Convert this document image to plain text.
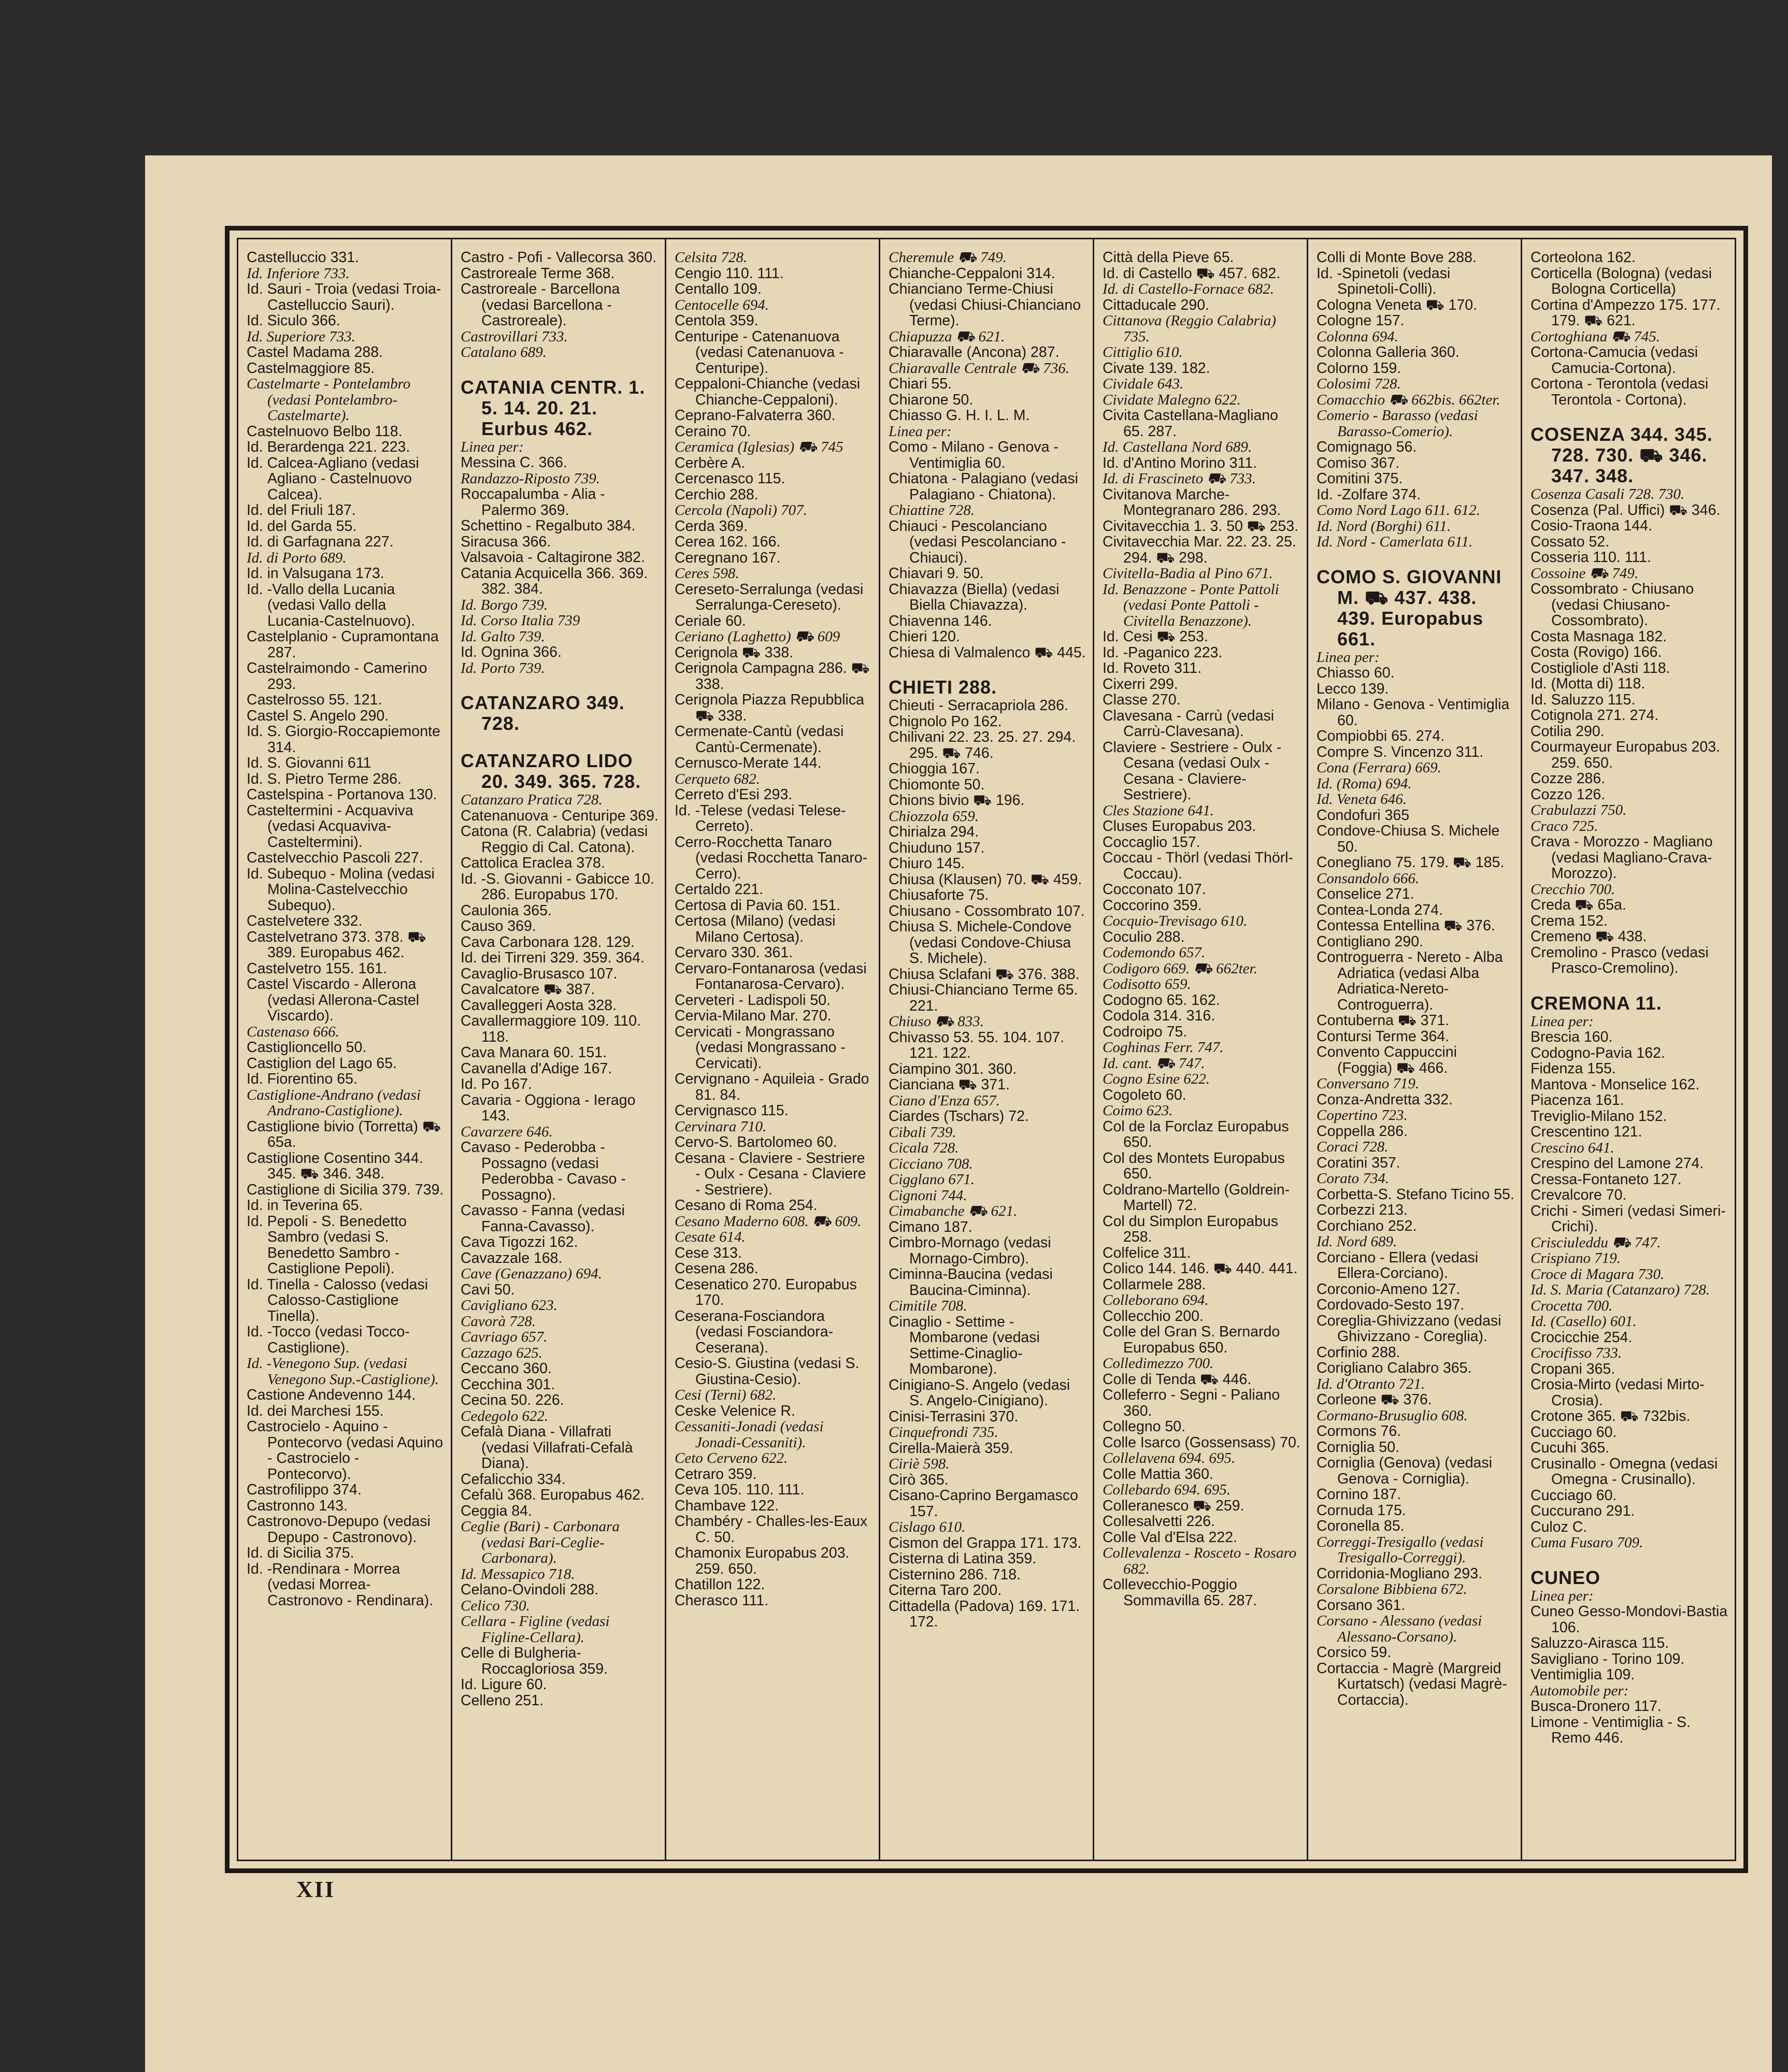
Castelluccio 331.
Id. Inferiore 733.
Id. Sauri - Troia (vedasi Troia-Castelluccio Sauri).
Id. Siculo 366.
Id. Superiore 733.
Castel Madama 288.
Castelmaggiore 85.
Castelmarte - Pontelambro (vedasi Pontelambro-Castelmarte).
Castelnuovo Belbo 118.
Id. Berardenga 221. 223.
Id. Calcea-Agliano (vedasi Agliano - Castelnuovo Calcea).
Id. del Friuli 187.
Id. del Garda 55.
Id. di Garfagnana 227.
Id. di Porto 689.
Id. in Valsugana 173.
Id. -Vallo della Lucania (vedasi Vallo della Lucania-Castelnuovo).
Castelplanio - Cupramontana 287.
Castelraimondo - Camerino 293.
Castelrosso 55. 121.
Castel S. Angelo 290.
Id. S. Giorgio-Roccapiemonte 314.
Id. S. Giovanni 611
Id. S. Pietro Terme 286.
Castelspina - Portanova 130.
Casteltermini - Acquaviva (vedasi Acquaviva-Casteltermini).
Castelvecchio Pascoli 227.
Id. Subequo - Molina (vedasi Molina-Castelvecchio Subequo).
Castelvetere 332.
Castelvetrano 373. 378. ⛟ 389. Europabus 462.
Castelvetro 155. 161.
Castel Viscardo - Allerona (vedasi Allerona-Castel Viscardo).
Castenaso 666.
Castiglioncello 50.
Castiglion del Lago 65.
Id. Fiorentino 65.
Castiglione-Andrano (vedasi Andrano-Castiglione).
Castiglione bivio (Torretta) ⛟ 65a.
Castiglione Cosentino 344. 345. ⛟ 346. 348.
Castiglione di Sicilia 379. 739.
Id. in Teverina 65.
Id. Pepoli - S. Benedetto Sambro (vedasi S. Benedetto Sambro - Castiglione Pepoli).
Id. Tinella - Calosso (vedasi Calosso-Castiglione Tinella).
Id. -Tocco (vedasi Tocco-Castiglione).
Id. -Venegono Sup. (vedasi Venegono Sup.-Castiglione).
Castione Andevenno 144.
Id. dei Marchesi 155.
Castrocielo - Aquino - Pontecorvo (vedasi Aquino - Castrocielo - Pontecorvo).
Castrofilippo 374.
Castronno 143.
Castronovo-Depupo (vedasi Depupo - Castronovo).
Id. di Sicilia 375.
Id. -Rendinara - Morrea (vedasi Morrea-Castronovo - Rendinara).
Castro - Pofi - Vallecorsa 360.
Castroreale Terme 368.
Castroreale - Barcellona (vedasi Barcellona - Castroreale).
Castrovillari 733.
Catalano 689.
CATANIA CENTR. 1. 5. 14. 20. 21. Eurbus 462.
Linea per:
Messina C. 366.
Randazzo-Riposto 739.
Roccapalumba - Alia - Palermo 369.
Schettino - Regalbuto 384.
Siracusa 366.
Valsavoia - Caltagirone 382.
Catania Acquicella 366. 369. 382. 384.
Id. Borgo 739.
Id. Corso Italia 739
Id. Galto 739.
Id. Ognina 366.
Id. Porto 739.
CATANZARO 349. 728.
CATANZARO LIDO 20. 349. 365. 728.
Catanzaro Pratica 728.
Catenanuova - Centuripe 369.
Catona (R. Calabria) (vedasi Reggio di Cal. Catona).
Cattolica Eraclea 378.
Id. -S. Giovanni - Gabicce 10. 286. Europabus 170.
Caulonia 365.
Causo 369.
Cava Carbonara 128. 129.
Id. dei Tirreni 329. 359. 364.
Cavaglio-Brusasco 107.
Cavalcatore ⛟ 387.
Cavalleggeri Aosta 328.
Cavallermaggiore 109. 110. 118.
Cava Manara 60. 151.
Cavanella d'Adige 167.
Id. Po 167.
Cavaria - Oggiona - Ierago 143.
Cavarzere 646.
Cavaso - Pederobba - Possagno (vedasi Pederobba - Cavaso - Possagno).
Cavasso - Fanna (vedasi Fanna-Cavasso).
Cava Tigozzi 162.
Cavazzale 168.
Cave (Genazzano) 694.
Cavi 50.
Cavigliano 623.
Cavorà 728.
Cavriago 657.
Cazzago 625.
Ceccano 360.
Cecchina 301.
Cecina 50. 226.
Cedegolo 622.
Cefalà Diana - Villafrati (vedasi Villafrati-Cefalà Diana).
Cefalicchio 334.
Cefalù 368. Europabus 462.
Ceggia 84.
Ceglie (Bari) - Carbonara (vedasi Bari-Ceglie-Carbonara).
Id. Messapico 718.
Celano-Ovindoli 288.
Celico 730.
Cellara - Figline (vedasi Figline-Cellara).
Celle di Bulgheria-Roccagloriosa 359.
Id. Ligure 60.
Celleno 251.
Celsita 728.
Cengio 110. 111.
Centallo 109.
Centocelle 694.
Centola 359.
Centuripe - Catenanuova (vedasi Catenanuova - Centuripe).
Ceppaloni-Chianche (vedasi Chianche-Ceppaloni).
Ceprano-Falvaterra 360.
Ceraino 70.
Ceramica (Iglesias) ⛟ 745
Cerbère A.
Cercenasco 115.
Cerchio 288.
Cercola (Napoli) 707.
Cerda 369.
Cerea 162. 166.
Ceregnano 167.
Ceres 598.
Cereseto-Serralunga (vedasi Serralunga-Cereseto).
Ceriale 60.
Ceriano (Laghetto) ⛟ 609
Cerignola ⛟ 338.
Cerignola Campagna 286. ⛟ 338.
Cerignola Piazza Repubblica ⛟ 338.
Cermenate-Cantù (vedasi Cantù-Cermenate).
Cernusco-Merate 144.
Cerqueto 682.
Cerreto d'Esi 293.
Id. -Telese (vedasi Telese-Cerreto).
Cerro-Rocchetta Tanaro (vedasi Rocchetta Tanaro-Cerro).
Certaldo 221.
Certosa di Pavia 60. 151.
Certosa (Milano) (vedasi Milano Certosa).
Cervaro 330. 361.
Cervaro-Fontanarosa (vedasi Fontanarosa-Cervaro).
Cerveteri - Ladispoli 50.
Cervia-Milano Mar. 270.
Cervicati - Mongrassano (vedasi Mongrassano - Cervicati).
Cervignano - Aquileia - Grado 81. 84.
Cervignasco 115.
Cervinara 710.
Cervo-S. Bartolomeo 60.
Cesana - Claviere - Sestriere - Oulx - Cesana - Claviere - Sestriere).
Cesano di Roma 254.
Cesano Maderno 608. ⛟ 609.
Cesate 614.
Cese 313.
Cesena 286.
Cesenatico 270. Europabus 170.
Ceserana-Fosciandora (vedasi Fosciandora-Ceserana).
Cesio-S. Giustina (vedasi S. Giustina-Cesio).
Cesi (Terni) 682.
Ceske Velenice R.
Cessaniti-Jonadi (vedasi Jonadi-Cessaniti).
Ceto Cerveno 622.
Cetraro 359.
Ceva 105. 110. 111.
Chambave 122.
Chambéry - Challes-les-Eaux C. 50.
Chamonix Europabus 203. 259. 650.
Chatillon 122.
Cherasco 111.
Cheremule ⛟ 749.
Chianche-Ceppaloni 314.
Chianciano Terme-Chiusi (vedasi Chiusi-Chianciano Terme).
Chiapuzza ⛟ 621.
Chiaravalle (Ancona) 287.
Chiaravalle Centrale ⛟ 736.
Chiari 55.
Chiarone 50.
Chiasso G. H. I. L. M.
Linea per:
Como - Milano - Genova - Ventimiglia 60.
Chiatona - Palagiano (vedasi Palagiano - Chiatona).
Chiattine 728.
Chiauci - Pescolanciano (vedasi Pescolanciano - Chiauci).
Chiavari 9. 50.
Chiavazza (Biella) (vedasi Biella Chiavazza).
Chiavenna 146.
Chieri 120.
Chiesa di Valmalenco ⛟ 445.
CHIETI 288.
Chieuti - Serracapriola 286.
Chignolo Po 162.
Chilivani 22. 23. 25. 27. 294. 295. ⛟ 746.
Chioggia 167.
Chiomonte 50.
Chions bivio ⛟ 196.
Chiozzola 659.
Chirialza 294.
Chiuduno 157.
Chiuro 145.
Chiusa (Klausen) 70. ⛟ 459.
Chiusaforte 75.
Chiusano - Cossombrato 107.
Chiusa S. Michele-Condove (vedasi Condove-Chiusa S. Michele).
Chiusa Sclafani ⛟ 376. 388.
Chiusi-Chianciano Terme 65. 221.
Chiuso ⛟ 833.
Chivasso 53. 55. 104. 107. 121. 122.
Ciampino 301. 360.
Cianciana ⛟ 371.
Ciano d'Enza 657.
Ciardes (Tschars) 72.
Cibali 739.
Cicala 728.
Cicciano 708.
Cigglano 671.
Cignoni 744.
Cimabanche ⛟ 621.
Cimano 187.
Cimbro-Mornago (vedasi Mornago-Cimbro).
Ciminna-Baucina (vedasi Baucina-Ciminna).
Cimitile 708.
Cinaglio - Settime - Mombarone (vedasi Settime-Cinaglio-Mombarone).
Cinigiano-S. Angelo (vedasi S. Angelo-Cinigiano).
Cinisi-Terrasini 370.
Cinquefrondi 735.
Cirella-Maierà 359.
Ciriè 598.
Cirò 365.
Cisano-Caprino Bergamasco 157.
Cislago 610.
Cismon del Grappa 171. 173.
Cisterna di Latina 359.
Cisternino 286. 718.
Citerna Taro 200.
Cittadella (Padova) 169. 171. 172.
Città della Pieve 65.
Id. di Castello ⛟ 457. 682.
Id. di Castello-Fornace 682.
Cittaducale 290.
Cittanova (Reggio Calabria) 735.
Cittiglio 610.
Civate 139. 182.
Cividale 643.
Cividate Malegno 622.
Civita Castellana-Magliano 65. 287.
Id. Castellana Nord 689.
Id. d'Antino Morino 311.
Id. di Frascineto ⛟ 733.
Civitanova Marche-Montegranaro 286. 293.
Civitavecchia 1. 3. 50 ⛟ 253.
Civitavecchia Mar. 22. 23. 25. 294. ⛟ 298.
Civitella-Badia al Pino 671.
Id. Benazzone - Ponte Pattoli (vedasi Ponte Pattoli - Civitella Benazzone).
Id. Cesi ⛟ 253.
Id. -Paganico 223.
Id. Roveto 311.
Cixerri 299.
Classe 270.
Clavesana - Carrù (vedasi Carrù-Clavesana).
Claviere - Sestriere - Oulx - Cesana (vedasi Oulx - Cesana - Claviere-Sestriere).
Cles Stazione 641.
Cluses Europabus 203.
Coccaglio 157.
Coccau - Thörl (vedasi Thörl-Coccau).
Cocconato 107.
Coccorino 359.
Cocquio-Trevisago 610.
Coculio 288.
Codemondo 657.
Codigoro 669. ⛟ 662ter.
Codisotto 659.
Codogno 65. 162.
Codola 314. 316.
Codroipo 75.
Coghinas Ferr. 747.
Id. cant. ⛟ 747.
Cogno Esine 622.
Cogoleto 60.
Coimo 623.
Col de la Forclaz Europabus 650.
Col des Montets Europabus 650.
Coldrano-Martello (Goldrein-Martell) 72.
Col du Simplon Europabus 258.
Colfelice 311.
Colico 144. 146. ⛟ 440. 441.
Collarmele 288.
Colleborano 694.
Collecchio 200.
Colle del Gran S. Bernardo Europabus 650.
Colledimezzo 700.
Colle di Tenda ⛟ 446.
Colleferro - Segni - Paliano 360.
Collegno 50.
Colle Isarco (Gossensass) 70.
Collelavena 694. 695.
Colle Mattia 360.
Collebardo 694. 695.
Colleranesco ⛟ 259.
Collesalvetti 226.
Colle Val d'Elsa 222.
Collevalenza - Rosceto - Rosaro 682.
Collevecchio-Poggio Sommavilla 65. 287.
Colli di Monte Bove 288.
Id. -Spinetoli (vedasi Spinetoli-Colli).
Cologna Veneta ⛟ 170.
Cologne 157.
Colonna 694.
Colonna Galleria 360.
Colorno 159.
Colosimi 728.
Comacchio ⛟ 662bis. 662ter.
Comerio - Barasso (vedasi Barasso-Comerio).
Comignago 56.
Comiso 367.
Comitini 375.
Id. -Zolfare 374.
Como Nord Lago 611. 612.
Id. Nord (Borghi) 611.
Id. Nord - Camerlata 611.
COMO S. GIOVANNI M. ⛟ 437. 438. 439. Europabus 661.
Linea per:
Chiasso 60.
Lecco 139.
Milano - Genova - Ventimiglia 60.
Compiobbi 65. 274.
Compre S. Vincenzo 311.
Cona (Ferrara) 669.
Id. (Roma) 694.
Id. Veneta 646.
Condofuri 365
Condove-Chiusa S. Michele 50.
Conegliano 75. 179. ⛟ 185.
Consandolo 666.
Conselice 271.
Contea-Londa 274.
Contessa Entellina ⛟ 376.
Contigliano 290.
Controguerra - Nereto - Alba Adriatica (vedasi Alba Adriatica-Nereto-Controguerra).
Contuberna ⛟ 371.
Contursi Terme 364.
Convento Cappuccini (Foggia) ⛟ 466.
Conversano 719.
Conza-Andretta 332.
Copertino 723.
Coppella 286.
Coraci 728.
Coratini 357.
Corato 734.
Corbetta-S. Stefano Ticino 55.
Corbezzi 213.
Corchiano 252.
Id. Nord 689.
Corciano - Ellera (vedasi Ellera-Corciano).
Corconio-Ameno 127.
Cordovado-Sesto 197.
Coreglia-Ghivizzano (vedasi Ghivizzano - Coreglia).
Corfinio 288.
Corigliano Calabro 365.
Id. d'Otranto 721.
Corleone ⛟ 376.
Cormano-Brusuglio 608.
Cormons 76.
Corniglia 50.
Corniglia (Genova) (vedasi Genova - Corniglia).
Cornino 187.
Cornuda 175.
Coronella 85.
Correggi-Tresigallo (vedasi Tresigallo-Correggi).
Corridonia-Mogliano 293.
Corsalone Bibbiena 672.
Corsano 361.
Corsano - Alessano (vedasi Alessano-Corsano).
Corsico 59.
Cortaccia - Magrè (Margreid Kurtatsch) (vedasi Magrè-Cortaccia).
Corteolona 162.
Corticella (Bologna) (vedasi Bologna Corticella)
Cortina d'Ampezzo 175. 177. 179. ⛟ 621.
Cortoghiana ⛟ 745.
Cortona-Camucia (vedasi Camucia-Cortona).
Cortona - Terontola (vedasi Terontola - Cortona).
COSENZA 344. 345. 728. 730. ⛟ 346. 347. 348.
Cosenza Casali 728. 730.
Cosenza (Pal. Uffici) ⛟ 346.
Cosio-Traona 144.
Cossato 52.
Cosseria 110. 111.
Cossoine ⛟ 749.
Cossombrato - Chiusano (vedasi Chiusano-Cossombrato).
Costa Masnaga 182.
Costa (Rovigo) 166.
Costigliole d'Asti 118.
Id. (Motta di) 118.
Id. Saluzzo 115.
Cotignola 271. 274.
Cotilia 290.
Courmayeur Europabus 203. 259. 650.
Cozze 286.
Cozzo 126.
Crabulazzi 750.
Craco 725.
Crava - Morozzo - Magliano (vedasi Magliano-Crava-Morozzo).
Crecchio 700.
Creda ⛟ 65a.
Crema 152.
Cremeno ⛟ 438.
Cremolino - Prasco (vedasi Prasco-Cremolino).
CREMONA 11.
Linea per:
Brescia 160.
Codogno-Pavia 162.
Fidenza 155.
Mantova - Monselice 162.
Piacenza 161.
Treviglio-Milano 152.
Crescentino 121.
Crescino 641.
Crespino del Lamone 274.
Cressa-Fontaneto 127.
Crevalcore 70.
Crichi - Simeri (vedasi Simeri-Crichi).
Crisciuleddu ⛟ 747.
Crispiano 719.
Croce di Magara 730.
Id. S. Maria (Catanzaro) 728.
Crocetta 700.
Id. (Casello) 601.
Crocicchie 254.
Crocifisso 733.
Cropani 365.
Crosia-Mirto (vedasi Mirto-Crosia).
Crotone 365. ⛟ 732bis.
Cucciago 60.
Cucuhi 365.
Crusinallo - Omegna (vedasi Omegna - Crusinallo).
Cucciago 60.
Cuccurano 291.
Culoz C.
Cuma Fusaro 709.
CUNEO
Linea per:
Cuneo Gesso-Mondovi-Bastia 106.
Saluzzo-Airasca 115.
Savigliano - Torino 109.
Ventimiglia 109.
Automobile per:
Busca-Dronero 117.
Limone - Ventimiglia - S. Remo 446.
XII
